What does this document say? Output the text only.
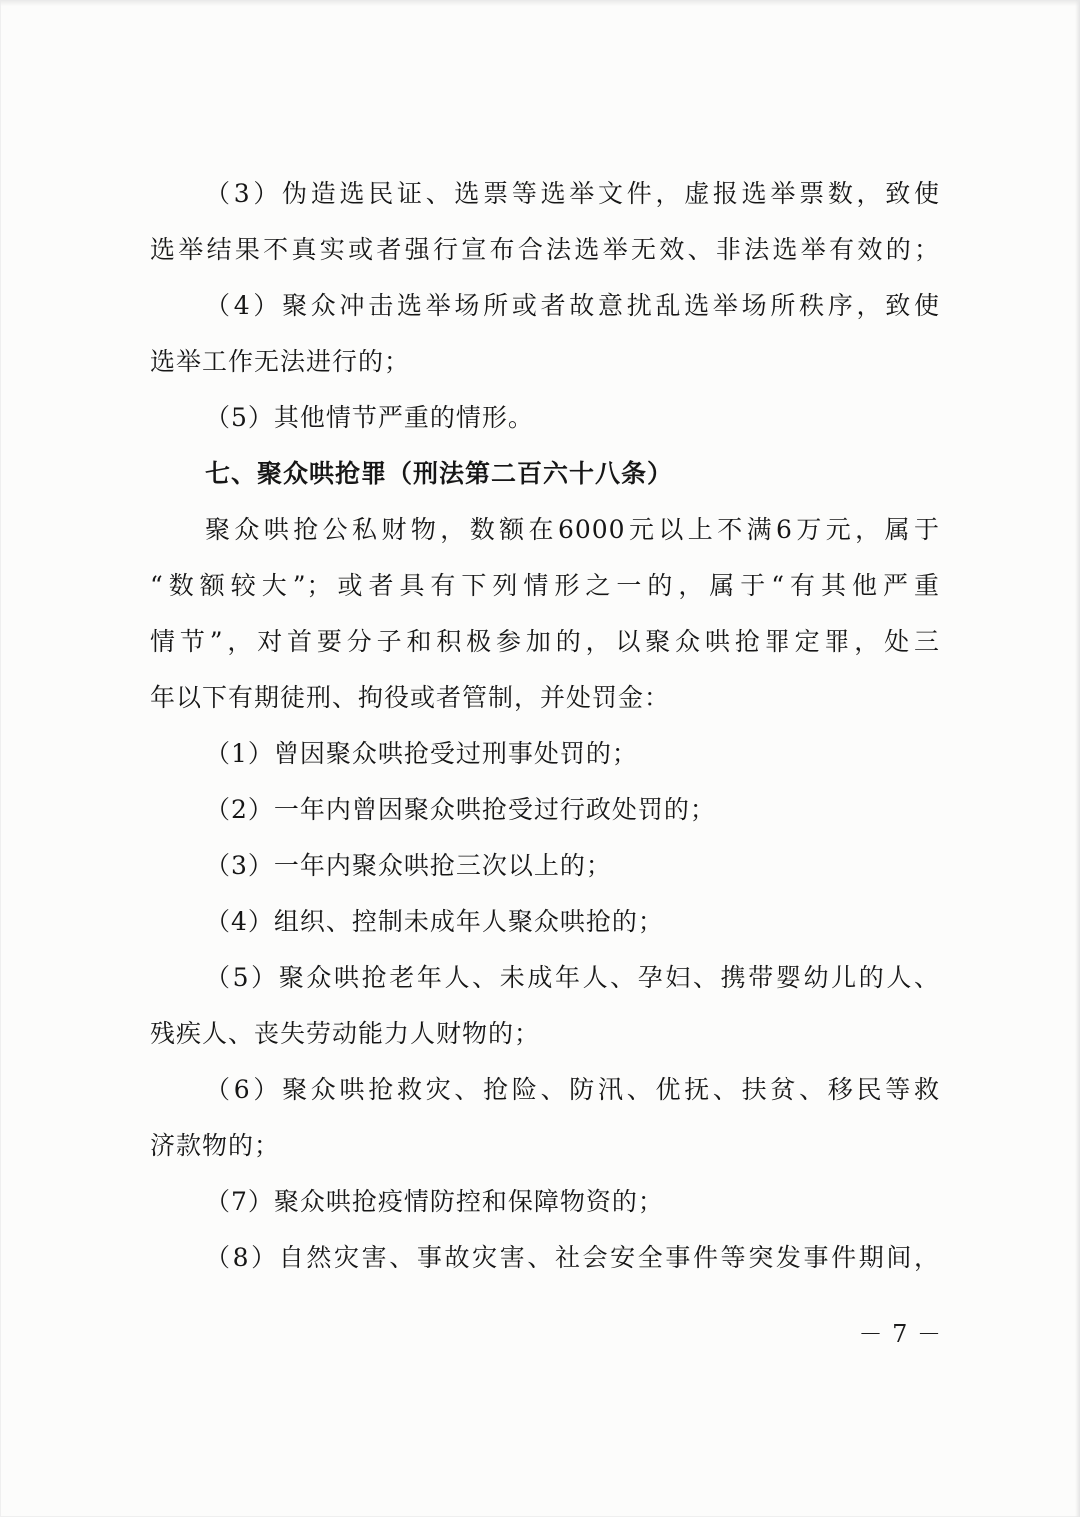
（3）伪造选民证、选票等选举文件，虚报选举票数，致使
选举结果不真实或者强行宣布合法选举无效、非法选举有效的；
（4）聚众冲击选举场所或者故意扰乱选举场所秩序，致使
选举工作无法进行的；
（5）其他情节严重的情形。
七、聚众哄抢罪（刑法第二百六十八条）
聚众哄抢公私财物，数额在6000元以上不满6万元，属于
“数额较大”；或者具有下列情形之一的，属于“有其他严重
情节”，对首要分子和积极参加的，以聚众哄抢罪定罪，处三
年以下有期徒刑、拘役或者管制，并处罚金：
（1）曾因聚众哄抢受过刑事处罚的；
（2）一年内曾因聚众哄抢受过行政处罚的；
（3）一年内聚众哄抢三次以上的；
（4）组织、控制未成年人聚众哄抢的；
（5）聚众哄抢老年人、未成年人、孕妇、携带婴幼儿的人、
残疾人、丧失劳动能力人财物的；
（6）聚众哄抢救灾、抢险、防汛、优抚、扶贫、移民等救
济款物的；
（7）聚众哄抢疫情防控和保障物资的；
（8）自然灾害、事故灾害、社会安全事件等突发事件期间，
－ 7 －
